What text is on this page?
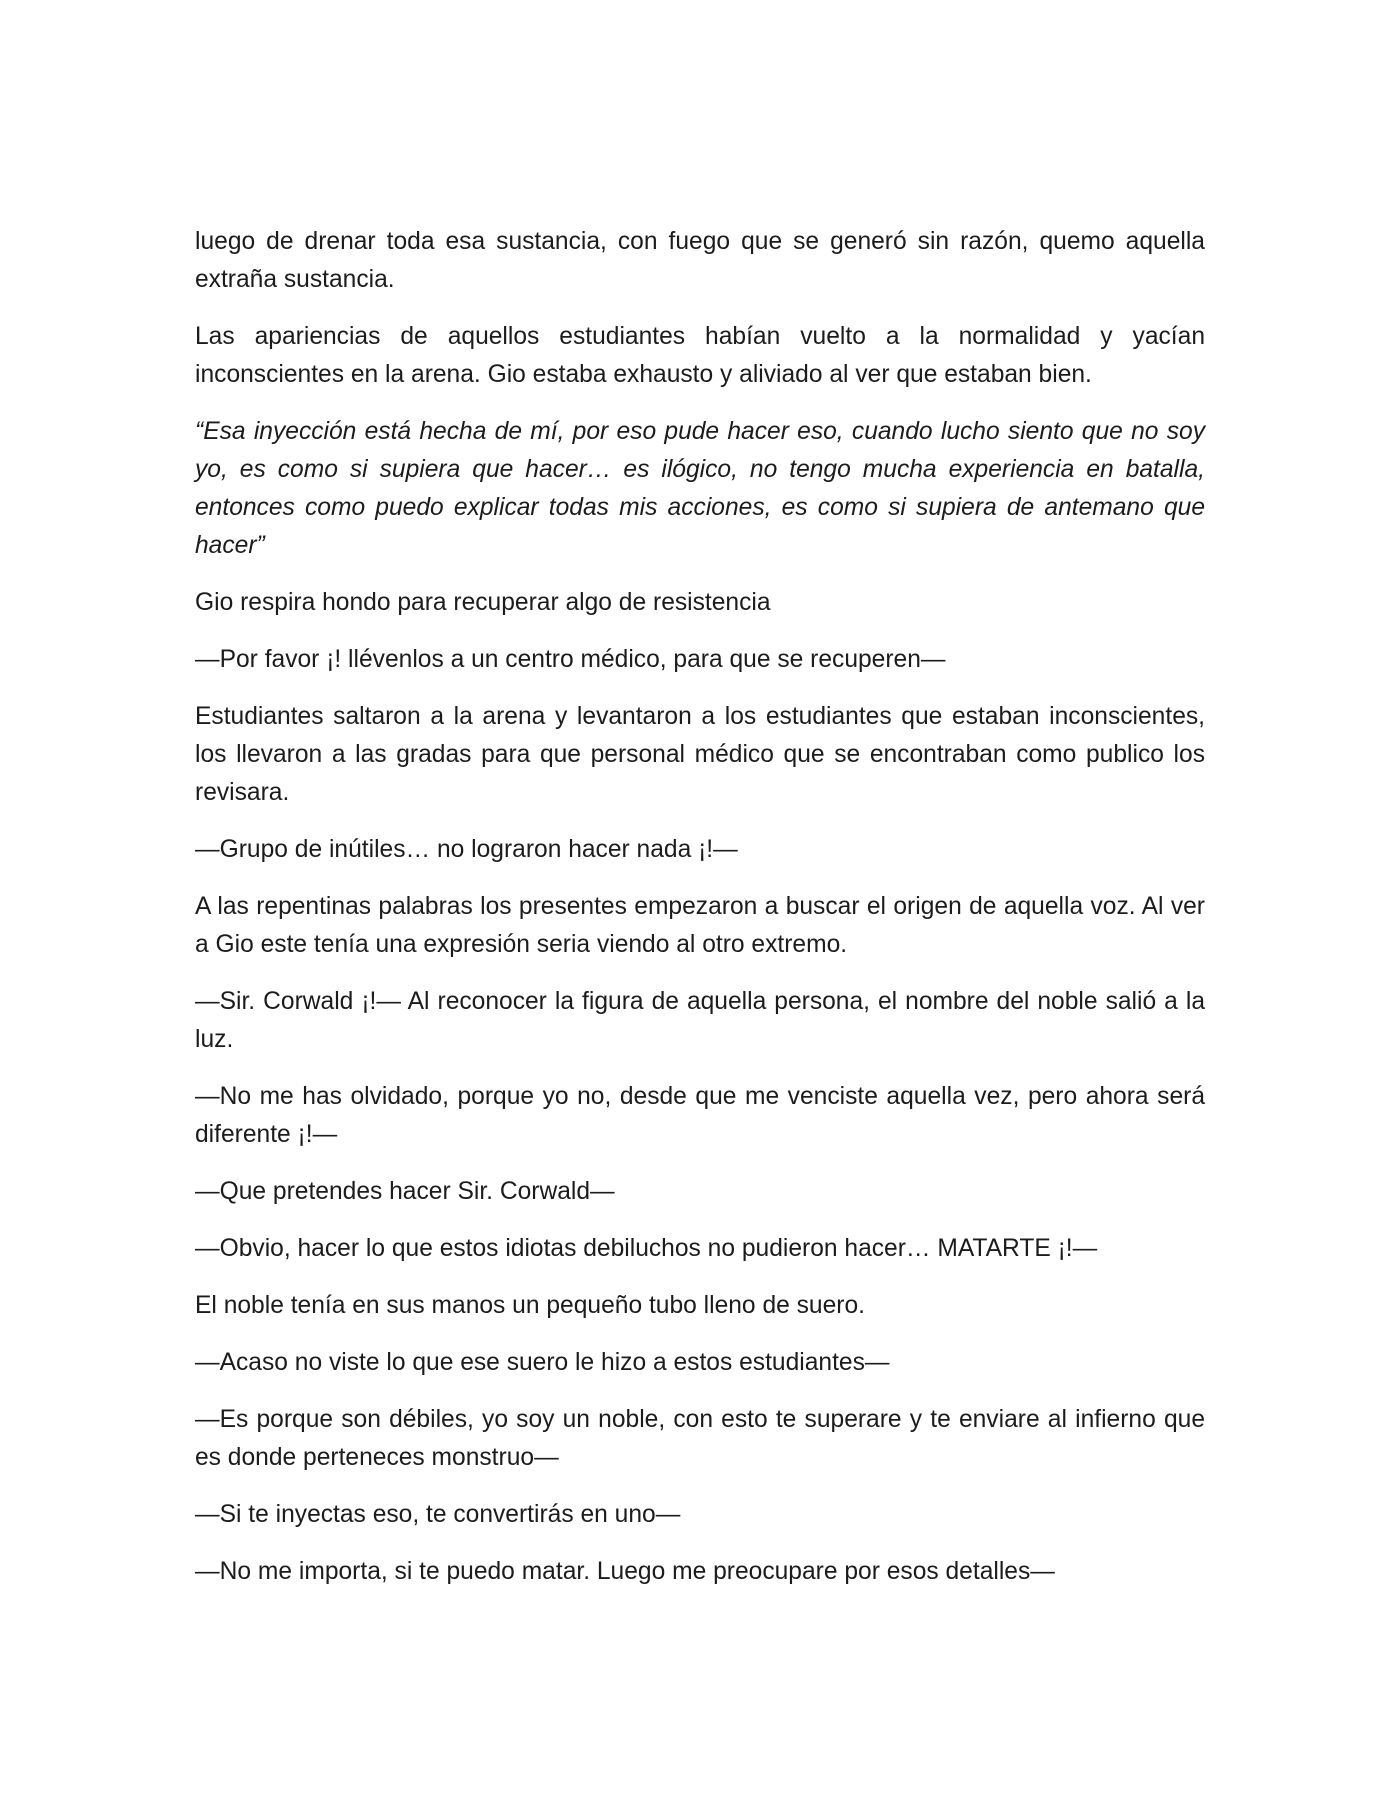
luego de drenar toda esa sustancia, con fuego que se generó sin razón, quemo aquella extraña sustancia.

Las apariencias de aquellos estudiantes habían vuelto a la normalidad y yacían inconscientes en la arena. Gio estaba exhausto y aliviado al ver que estaban bien.

“Esa inyección está hecha de mí, por eso pude hacer eso, cuando lucho siento que no soy yo, es como si supiera que hacer… es ilógico, no tengo mucha experiencia en batalla, entonces como puedo explicar todas mis acciones, es como si supiera de antemano que hacer”

Gio respira hondo para recuperar algo de resistencia

—Por favor ¡! llévenlos a un centro médico, para que se recuperen—

Estudiantes saltaron a la arena y levantaron a los estudiantes que estaban inconscientes, los llevaron a las gradas para que personal médico que se encontraban como publico los revisara.

—Grupo de inútiles… no lograron hacer nada ¡!—

A las repentinas palabras los presentes empezaron a buscar el origen de aquella voz. Al ver a Gio este tenía una expresión seria viendo al otro extremo.

—Sir. Corwald ¡!— Al reconocer la figura de aquella persona, el nombre del noble salió a la luz.

—No me has olvidado, porque yo no, desde que me venciste aquella vez, pero ahora será diferente ¡!—

—Que pretendes hacer Sir. Corwald—

—Obvio, hacer lo que estos idiotas debiluchos no pudieron hacer… MATARTE ¡!—

El noble tenía en sus manos un pequeño tubo lleno de suero.

—Acaso no viste lo que ese suero le hizo a estos estudiantes—

—Es porque son débiles, yo soy un noble, con esto te superare y te enviare al infierno que es donde perteneces monstruo—

—Si te inyectas eso, te convertirás en uno—

—No me importa, si te puedo matar. Luego me preocupare por esos detalles—
